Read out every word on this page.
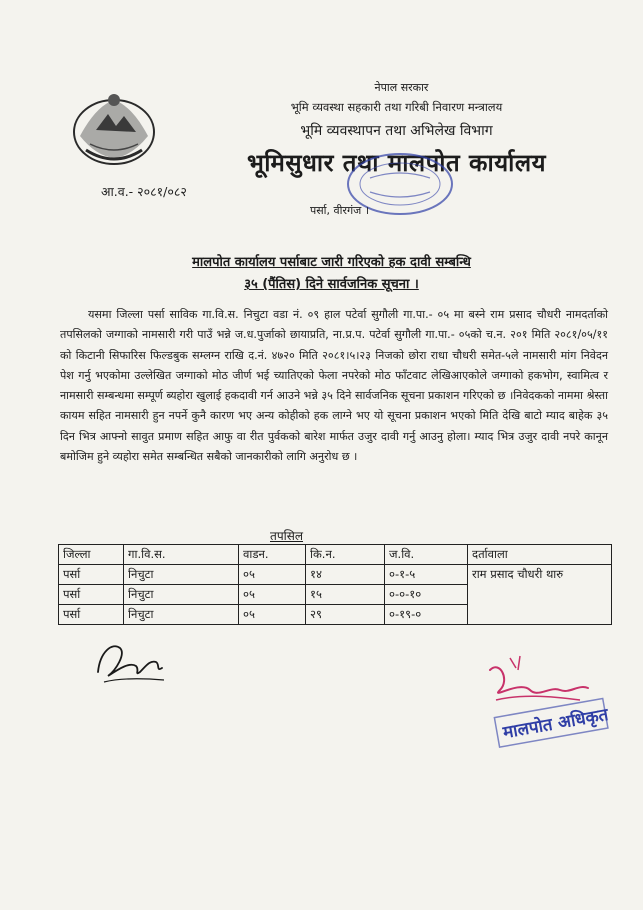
नेपाल सरकार
भूमि व्यवस्था सहकारी तथा गरिबी निवारण मन्त्रालय
भूमि व्यवस्थापन तथा अभिलेख विभाग
भूमिसुधार तथा मालपोत कार्यालय
आ.व.- २०८१/०८२
पर्सा, वीरगंज ।
मालपोत कार्यालय पर्साबाट जारी गरिएको हक दावी सम्बन्धि
३५ (पैंतिस) दिने सार्वजनिक सूचना ।
यसमा जिल्ला पर्सा साविक गा.वि.स. निचुटा वडा नं. ०९ हाल पटेर्वा सुगौली गा.पा.- ०५ मा बस्ने राम प्रसाद चौधरी नामदर्ताको तपसिलको जग्गाको नामसारी गरी पाउँ भन्ने ज.ध.पुर्जाको छायाप्रति, ना.प्र.प. पटेर्वा सुगौली गा.पा.- ०५को च.न. २०१ मिति २०८१/०५/११ को किटानी सिफारिस फिल्डबुक सम्लग्न राखि द.नं. ४७२० मिति २०८१।५।२३ निजको छोरा राधा चौधरी समेत-५ले नामसारी मांग निवेदन पेश गर्नु भएकोमा उल्लेखित जग्गाको मोठ जीर्ण भई च्यातिएको फेला नपरेको मोठ फाँटवाट लेखिआएकोले जग्गाको हकभोग, स्वामित्व र नामसारी सम्बन्धमा सम्पूर्ण ब्यहोरा खुलाई हकदावी गर्न आउने भन्ने ३५ दिने सार्वजनिक सूचना प्रकाशन गरिएको छ ।निवेदकको नाममा श्रेस्ता कायम सहित नामसारी हुन नपर्ने कुनै कारण भए अन्य कोहीको हक लाग्ने भए यो सूचना प्रकाशन भएको मिति देखि बाटो म्याद बाहेक ३५ दिन भित्र आफ्नो सावुत प्रमाण सहित आफु वा रीत पुर्वकको बारेश मार्फत उजुर दावी गर्नु आउनु होला। म्याद भित्र उजुर दावी नपरे कानून बमोजिम हुने व्यहोरा समेत सम्बन्धित सबैको जानकारीको लागि अनुरोध छ ।
तपसिल
जिल्ला	गा.वि.स.	वाडन.	कि.न.	ज.वि.	दर्तावाला
पर्सा	निचुटा	०५	१४	०-१-५	राम प्रसाद चौधरी थारु
पर्सा	निचुटा	०५	१५	०-०-१०	
पर्सा	निचुटा	०५	२९	०-१९-०	
मालपोत अधिकृत
